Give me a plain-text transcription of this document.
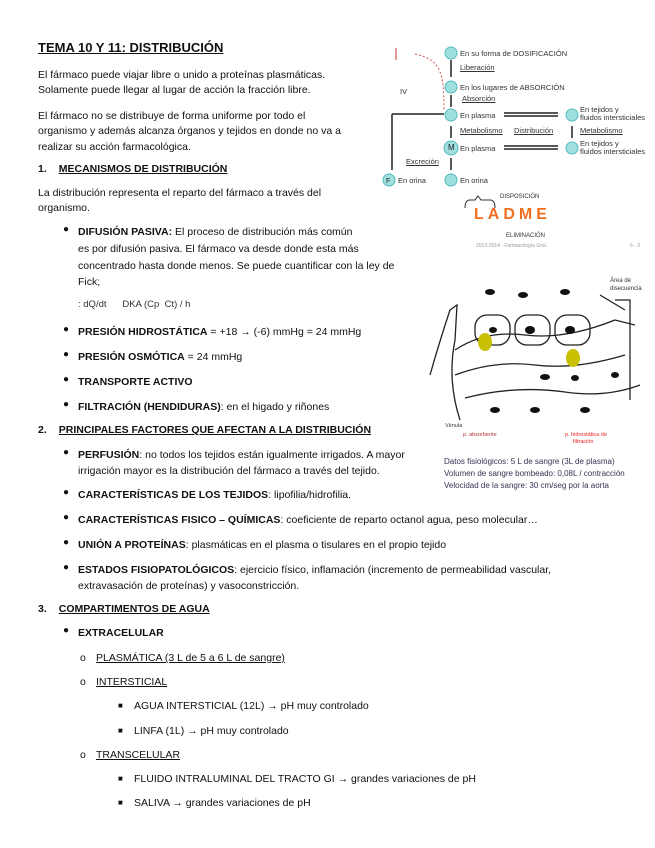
TEMA 10 Y 11: DISTRIBUCIÓN
El fármaco puede viajar libre o unido a proteínas plasmáticas.
Solamente puede llegar al lugar de acción la fracción libre.
El fármaco no se distribuye de forma uniforme por todo el
organismo y además alcanza órganos y tejidos en donde no va a
realizar su acción farmacológica.
1. MECANISMOS DE DISTRIBUCIÓN
La distribución representa el reparto del fármaco a través del
organismo.
● DIFUSIÓN PASIVA: El proceso de distribución más común
es por difusión pasiva. El fármaco va desde donde esta más
concentrado hasta donde menos. Se puede cuantificar con la ley de
Fick;
: dQ/dt      DKA (Cp  Ct) / h
● PRESIÓN HIDROSTÁTICA = +18 → (-6) mmHg = 24 mmHg
● PRESIÓN OSMÓTICA = 24 mmHg
● TRANSPORTE ACTIVO
● FILTRACIÓN (HENDIDURAS): en el higado y riñones
2. PRINCIPALES FACTORES QUE AFECTAN A LA DISTRIBUCIÓN
● PERFUSIÓN: no todos los tejidos están igualmente irrigados. A mayor
irrigación mayor es la distribución del fármaco a través del tejido.
● CARACTERÍSTICAS DE LOS TEJIDOS: lipofilia/hidrofilia.
● CARACTERÍSTICAS FISICO – QUÍMICAS: coeficiente de reparto octanol agua, peso molecular…
● UNIÓN A PROTEÍNAS: plasmáticas en el plasma o tisulares en el propio tejido
● ESTADOS FISIOPATOLÓGICOS: ejercicio físico, inflamación (incremento de permeabilidad vascular,
extravasación de proteínas) y vasoconstricción.
3. COMPARTIMENTOS DE AGUA
● EXTRACELULAR
o PLASMÁTICA (3 L de 5 a 6 L de sangre)
o INTERSTICIAL
■ AGUA INTERSTICIAL (12L) → pH muy controlado
■ LINFA (1L) → pH muy controlado
o TRANSCELULAR
■ FLUIDO INTRALUMINAL DEL TRACTO GI → grandes variaciones de pH
■ SALIVA → grandes variaciones de pH
M
F
En su forma de DOSIFICACIÓN
Liberación
En los lugares de ABSORCIÓN
Absorción
IV
En plasma
Metabolismo Distribución
En plasma
Excreción
En orina	En orina
En tejidos y
fluidos intersticiales
Metabolismo
En tejidos y
fluidos intersticiales
DISPOSICIÓN
LADME
ELIMINACIÓN
2013-2014 · Farmacología Gral.	6 - 3
Área de
disecuencia
Vénula
p. absorbente	p. hidrostática de
filtración
Datos fisiológicos: 5 L de sangre (3L de plasma)
Volumen de sangre bombeado: 0,08L / contracción
Velocidad de la sangre: 30 cm/seg por la aorta
